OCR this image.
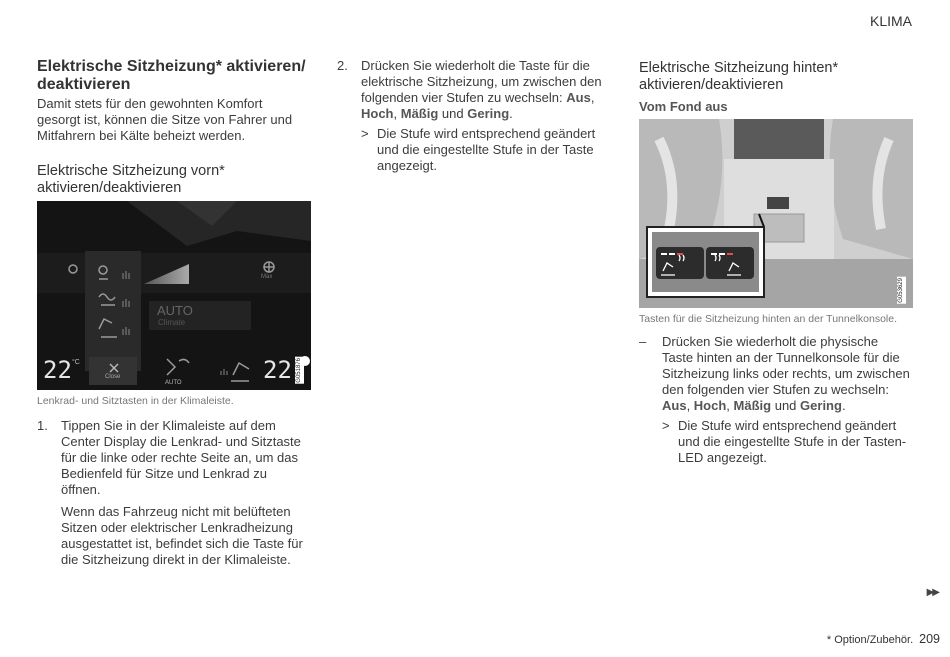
KLIMA
Elektrische Sitzheizung* aktivieren/ deaktivieren

Damit stets für den gewohnten Komfort gesorgt ist, können die Sitze von Fahrer und Mitfahrern bei Kälte beheizt werden.

Elektrische Sitzheizung vorn* aktivieren/deaktivieren
AUTO
Climate
Close
Max
AUTO
22 °C	22 G051876
Lenkrad- und Sitztasten in der Klimaleiste.
1.	Tippen Sie in der Klimaleiste auf dem Center Display die Lenkrad- und Sitztaste für die linke oder rechte Seite an, um das Bedienfeld für Sitze und Lenkrad zu öffnen.
Wenn das Fahrzeug nicht mit belüfteten Sitzen oder elektrischer Lenkradheizung ausgestattet ist, befindet sich die Taste für die Sitzheizung direkt in der Klimaleiste.
2.	Drücken Sie wiederholt die Taste für die elektrische Sitzheizung, um zwischen den folgenden vier Stufen zu wechseln: Aus, Hoch, Mäßig und Gering.
> Die Stufe wird entsprechend geändert und die eingestellte Stufe in der Taste angezeigt.
Elektrische Sitzheizung hinten* aktivieren/deaktivieren
Vom Fond aus
G053629
Tasten für die Sitzheizung hinten an der Tunnelkonsole.
–	Drücken Sie wiederholt die physische Taste hinten an der Tunnelkonsole für die Sitzheizung links oder rechts, um zwischen den folgenden vier Stufen zu wechseln: Aus, Hoch, Mäßig und Gering.
> Die Stufe wird entsprechend geändert und die eingestellte Stufe in der Tasten-LED angezeigt.
▶▶
* Option/Zubehör. 209
